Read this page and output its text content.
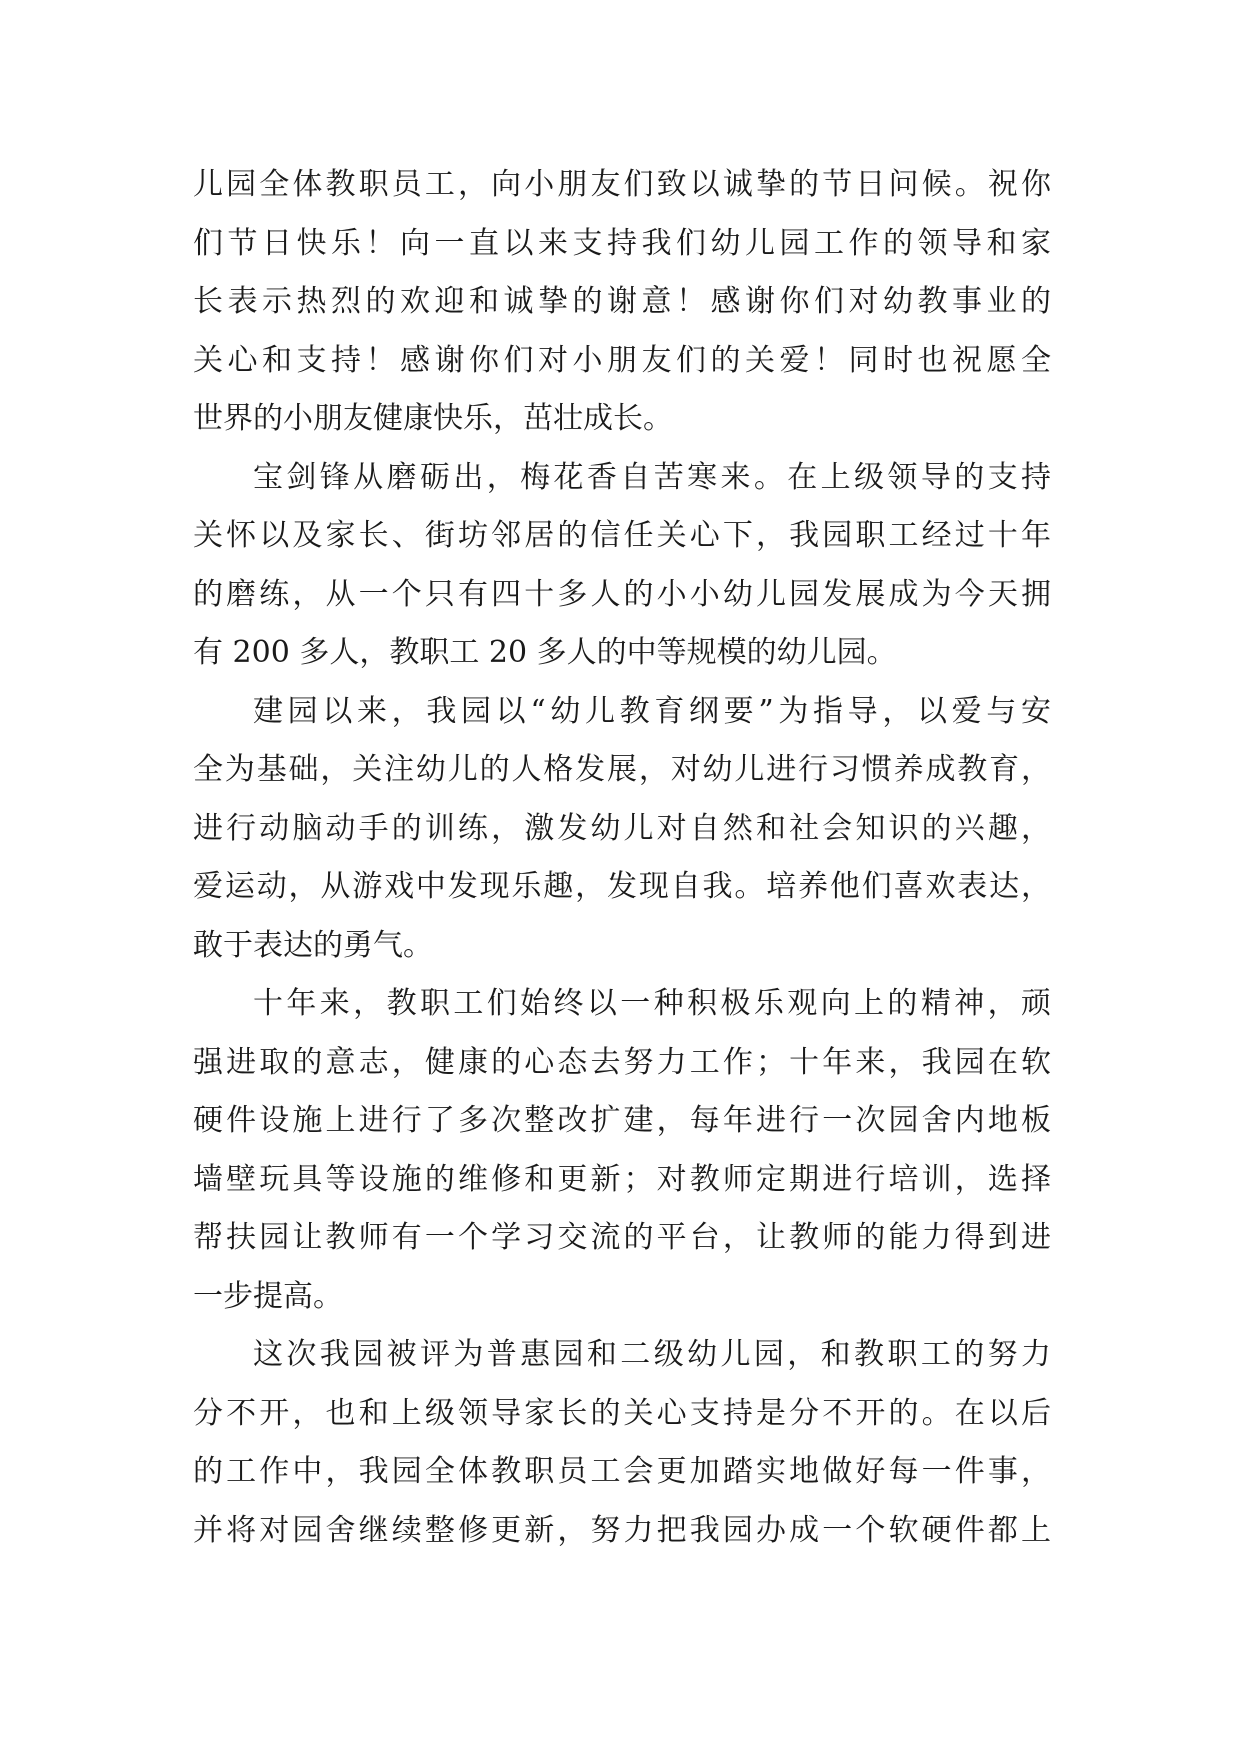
儿园全体教职员工，向小朋友们致以诚挚的节日问候。祝你
们节日快乐！向一直以来支持我们幼儿园工作的领导和家
长表示热烈的欢迎和诚挚的谢意！感谢你们对幼教事业的
关心和支持！感谢你们对小朋友们的关爱！同时也祝愿全
世界的小朋友健康快乐，茁壮成长。
宝剑锋从磨砺出，梅花香自苦寒来。在上级领导的支持
关怀以及家长、街坊邻居的信任关心下，我园职工经过十年
的磨练，从一个只有四十多人的小小幼儿园发展成为今天拥
有 200 多人，教职工 20 多人的中等规模的幼儿园。
建园以来，我园以“幼儿教育纲要”为指导，以爱与安
全为基础，关注幼儿的人格发展，对幼儿进行习惯养成教育，
进行动脑动手的训练，激发幼儿对自然和社会知识的兴趣，
爱运动，从游戏中发现乐趣，发现自我。培养他们喜欢表达，
敢于表达的勇气。
十年来，教职工们始终以一种积极乐观向上的精神，顽
强进取的意志，健康的心态去努力工作；十年来，我园在软
硬件设施上进行了多次整改扩建，每年进行一次园舍内地板
墙壁玩具等设施的维修和更新；对教师定期进行培训，选择
帮扶园让教师有一个学习交流的平台，让教师的能力得到进
一步提高。
这次我园被评为普惠园和二级幼儿园，和教职工的努力
分不开，也和上级领导家长的关心支持是分不开的。在以后
的工作中，我园全体教职员工会更加踏实地做好每一件事，
并将对园舍继续整修更新，努力把我园办成一个软硬件都上
